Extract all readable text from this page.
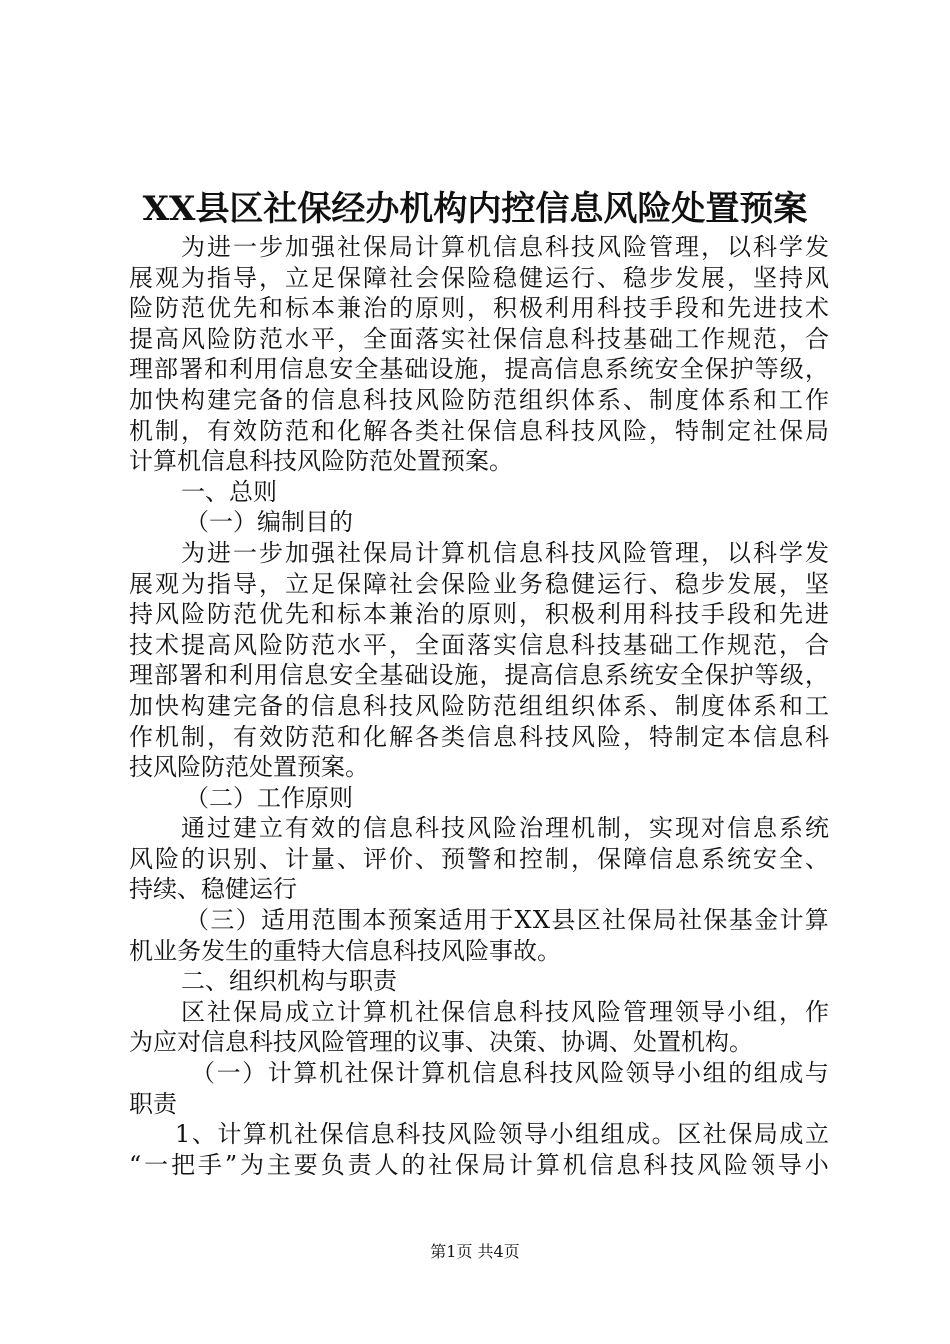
XX县区社保经办机构内控信息风险处置预案
为 进 一 步 加 强 社 保 局 计 算 机 信 息 科 技 风 险 管 理 ， 以 科 学 发
展 观 为 指 导 ， 立 足 保 障 社 会 保 险 稳 健 运 行 、 稳 步 发 展 ， 坚 持 风
险 防 范 优 先 和 标 本 兼 治 的 原 则 ， 积 极 利 用 科 技 手 段 和 先 进 技 术
提 高 风 险 防 范 水 平 ， 全 面 落 实 社 保 信 息 科 技 基 础 工 作 规 范 ， 合
理 部 署 和 利 用 信 息 安 全 基 础 设 施 ， 提 高 信 息 系 统 安 全 保 护 等 级 ，
加 快 构 建 完 备 的 信 息 科 技 风 险 防 范 组 织 体 系 、 制 度 体 系 和 工 作
机 制 ， 有 效 防 范 和 化 解 各 类 社 保 信 息 科 技 风 险 ， 特 制 定 社 保 局
计 算 机 信 息 科 技 风 险 防 范 处 置 预 案 。
一 、 总 则
（ 一 ） 编 制 目 的
为 进 一 步 加 强 社 保 局 计 算 机 信 息 科 技 风 险 管 理 ， 以 科 学 发
展 观 为 指 导 ， 立 足 保 障 社 会 保 险 业 务 稳 健 运 行 、 稳 步 发 展 ， 坚
持 风 险 防 范 优 先 和 标 本 兼 治 的 原 则 ， 积 极 利 用 科 技 手 段 和 先 进
技 术 提 高 风 险 防 范 水 平 ， 全 面 落 实 信 息 科 技 基 础 工 作 规 范 ， 合
理 部 署 和 利 用 信 息 安 全 基 础 设 施 ， 提 高 信 息 系 统 安 全 保 护 等 级 ，
加 快 构 建 完 备 的 信 息 科 技 风 险 防 范 组 组 织 体 系 、 制 度 体 系 和 工
作 机 制 ， 有 效 防 范 和 化 解 各 类 信 息 科 技 风 险 ， 特 制 定 本 信 息 科
技 风 险 防 范 处 置 预 案 。
（ 二 ） 工 作 原 则
通 过 建 立 有 效 的 信 息 科 技 风 险 治 理 机 制 ， 实 现 对 信 息 系 统
风 险 的 识 别 、 计 量 、 评 价 、 预 警 和 控 制 ， 保 障 信 息 系 统 安 全 、
持 续 、 稳 健 运 行
（ 三 ） 适 用 范 围 本 预 案 适 用 于 X X 县 区 社 保 局 社 保 基 金 计 算
机 业 务 发 生 的 重 特 大 信 息 科 技 风 险 事 故 。
二 、 组 织 机 构 与 职 责
区 社 保 局 成 立 计 算 机 社 保 信 息 科 技 风 险 管 理 领 导 小 组 ， 作
为 应 对 信 息 科 技 风 险 管 理 的 议 事 、 决 策 、 协 调 、 处 置 机 构 。
（ 一 ） 计 算 机 社 保 计 算 机 信 息 科 技 风 险 领 导 小 组 的 组 成 与
职 责
1 、 计 算 机 社 保 信 息 科 技 风 险 领 导 小 组 组 成 。 区 社 保 局 成 立
“ 一 把 手 ” 为 主 要 负 责 人 的 社 保 局 计 算 机 信 息 科 技 风 险 领 导 小
第1页 共4页
